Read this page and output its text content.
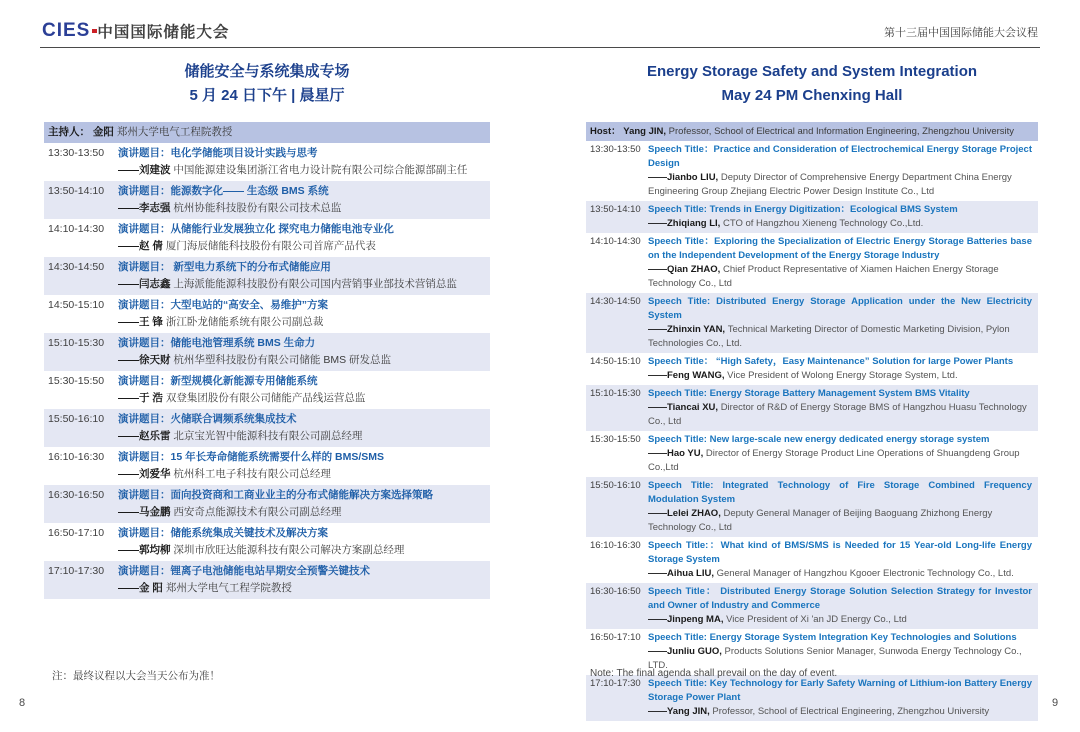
CIES 中国国际储能大会	第十三届中国国际储能大会议程
储能安全与系统集成专场
5 月 24 日下午 | 晨星厅
主持人： 金阳 郑州大学电气工程院教授
13:30-13:50	演讲题目：电化学储能项目设计实践与思考
——刘建波 中国能源建设集团浙江省电力设计院有限公司综合能源部副主任
13:50-14:10	演讲题目：能源数字化—— 生态级 BMS 系统
——李志强 杭州协能科技股份有限公司技术总监
14:10-14:30	演讲题目：从储能行业发展独立化 探究电力储能电池专业化
——赵 倩 厦门海辰储能科技股份有限公司首席产品代表
14:30-14:50	演讲题目： 新型电力系统下的分布式储能应用
——闫志鑫 上海派能能源科技股份有限公司国内营销事业部技术营销总监
14:50-15:10	演讲题目：大型电站的“高安全、易维护”方案
——王 锋 浙江卧龙储能系统有限公司副总裁
15:10-15:30	演讲题目：储能电池管理系统 BMS 生命力
——徐天财 杭州华塑科技股份有限公司储能 BMS 研发总监
15:30-15:50	演讲题目：新型规模化新能源专用储能系统
——于 浩 双登集团股份有限公司储能产品线运营总监
15:50-16:10	演讲题目：火储联合调频系统集成技术
——赵乐雷 北京宝光智中能源科技有限公司副总经理
16:10-16:30	演讲题目：15 年长寿命储能系统需要什么样的 BMS/SMS
——刘爱华 杭州科工电子科技有限公司总经理
16:30-16:50	演讲题目：面向投资商和工商业业主的分布式储能解决方案选择策略
——马金鹏 西安奇点能源技术有限公司副总经理
16:50-17:10	演讲题目：储能系统集成关键技术及解决方案
——郭均柳 深圳市欣旺达能源科技有限公司解决方案副总经理
17:10-17:30	演讲题目：锂离子电池储能电站早期安全预警关键技术
——金 阳 郑州大学电气工程学院教授
Energy Storage Safety and System Integration
May 24 PM Chenxing Hall
Host： Yang JIN, Professor, School of Electrical and Information Engineering, Zhengzhou University
13:30-13:50 Speech Title：Practice and Consideration of Electrochemical Energy Storage Project Design
——Jianbo LIU, Deputy Director of Comprehensive Energy Department China Energy Engineering Group Zhejiang Electric Power Design Institute Co., Ltd
13:50-14:10 Speech Title: Trends in Energy Digitization：Ecological BMS System
——Zhiqiang LI, CTO of Hangzhou Xieneng Technology Co.,Ltd.
14:10-14:30 Speech Title：Exploring the Specialization of Electric Energy Storage Batteries base on the Independent Development of the Energy Storage Industry
——Qian ZHAO, Chief Product Representative of Xiamen Haichen Energy Storage Technology Co., Ltd
14:30-14:50 Speech Title: Distributed Energy Storage Application under the New Electricity System
——Zhinxin YAN, Technical Marketing Director of Domestic Marketing Division, Pylon Technologies Co., Ltd.
14:50-15:10 Speech Title： “High Safety，Easy Maintenance” Solution for large Power Plants
——Feng WANG, Vice President of Wolong Energy Storage System, Ltd.
15:10-15:30 Speech Title: Energy Storage Battery Management System BMS Vitality
——Tiancai XU, Director of R&D of Energy Storage BMS of Hangzhou Huasu Technology Co., Ltd
15:30-15:50 Speech Title: New large-scale new energy dedicated energy storage system
——Hao YU, Director of Energy Storage Product Line Operations of Shuangdeng Group Co.,Ltd
15:50-16:10 Speech Title: Integrated Technology of Fire Storage Combined Frequency Modulation System
——Lelei ZHAO, Deputy General Manager of Beijing Baoguang Zhizhong Energy Technology Co., Ltd
16:10-16:30 Speech Title:：What kind of BMS/SMS is Needed for 15 Year-old Long-life Energy Storage System
——Aihua LIU, General Manager of Hangzhou Kgooer Electronic Technology Co., Ltd.
16:30-16:50 Speech Title： Distributed Energy Storage Solution Selection Strategy for Investor and Owner of Industry and Commerce
——Jinpeng MA, Vice President of Xi 'an JD Energy Co., Ltd
16:50-17:10 Speech Title: Energy Storage System Integration Key Technologies and Solutions
——Junliu GUO, Products Solutions Senior Manager, Sunwoda Energy Technology Co., LTD.
17:10-17:30 Speech Title: Key Technology for Early Safety Warning of Lithium-ion Battery Energy Storage Power Plant
——Yang JIN, Professor, School of Electrical Engineering, Zhengzhou University
注：最终议程以大会当天公布为准！	Note: The final agenda shall prevail on the day of event.
8	9
